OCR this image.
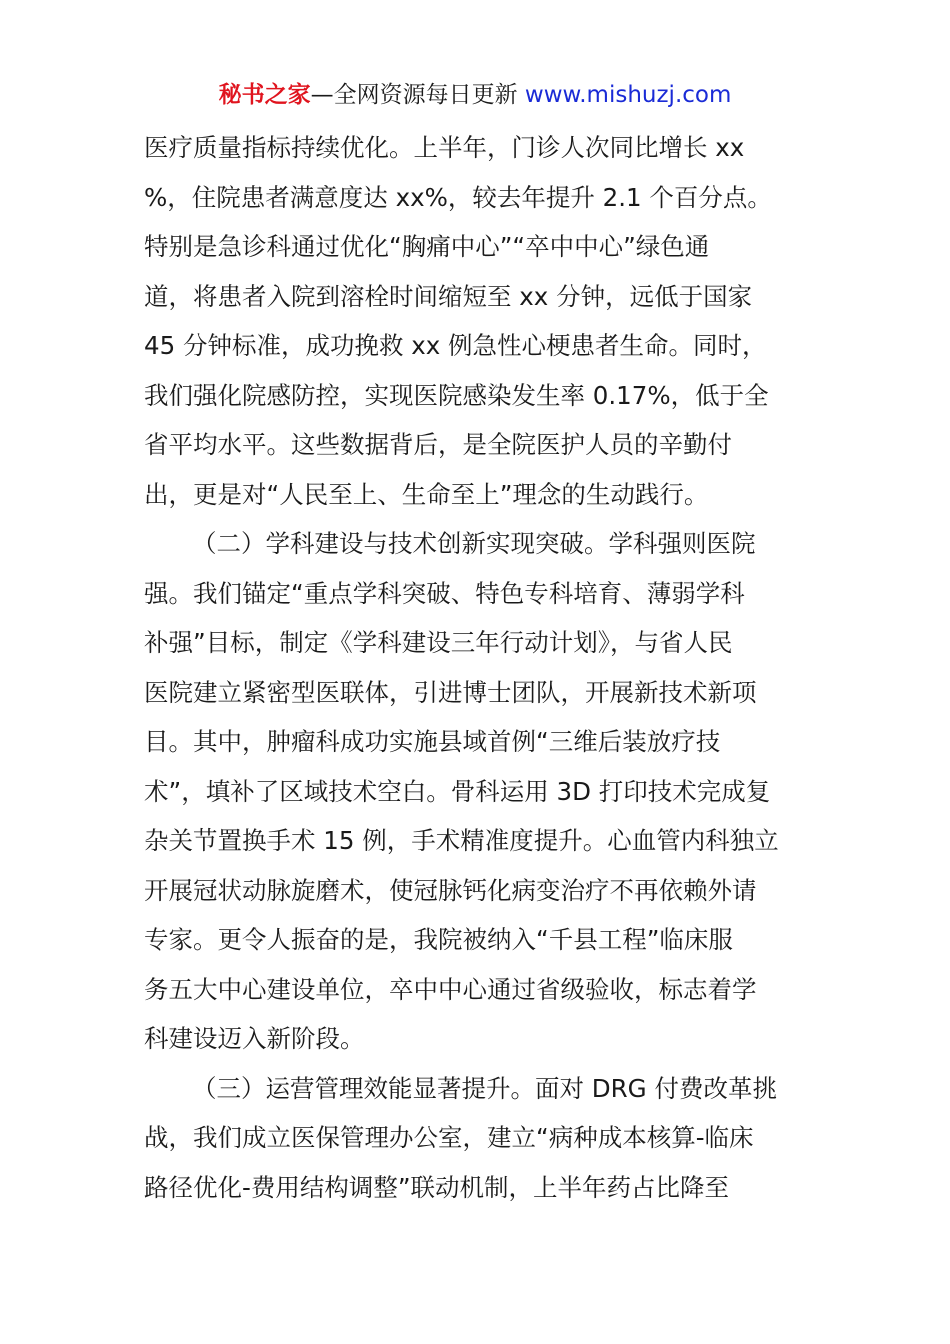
秘书之家—全网资源每日更新 www.mishuzj.com
医疗质量指标持续优化。上半年，门诊人次同比增长 xx
%，住院患者满意度达 xx%，较去年提升 2.1 个百分点。
特别是急诊科通过优化“胸痛中心”“卒中中心”绿色通
道，将患者入院到溶栓时间缩短至 xx 分钟，远低于国家
45 分钟标准，成功挽救 xx 例急性心梗患者生命。同时，
我们强化院感防控，实现医院感染发生率 0.17%，低于全
省平均水平。这些数据背后，是全院医护人员的辛勤付
出，更是对“人民至上、生命至上”理念的生动践行。
（二）学科建设与技术创新实现突破。学科强则医院
强。我们锚定“重点学科突破、特色专科培育、薄弱学科
补强”目标，制定《学科建设三年行动计划》，与省人民
医院建立紧密型医联体，引进博士团队，开展新技术新项
目。其中，肿瘤科成功实施县域首例“三维后装放疗技
术”，填补了区域技术空白。骨科运用 3D 打印技术完成复
杂关节置换手术 15 例，手术精准度提升。心血管内科独立
开展冠状动脉旋磨术，使冠脉钙化病变治疗不再依赖外请
专家。更令人振奋的是，我院被纳入“千县工程”临床服
务五大中心建设单位，卒中中心通过省级验收，标志着学
科建设迈入新阶段。
（三）运营管理效能显著提升。面对 DRG 付费改革挑
战，我们成立医保管理办公室，建立“病种成本核算-临床
路径优化-费用结构调整”联动机制，上半年药占比降至
